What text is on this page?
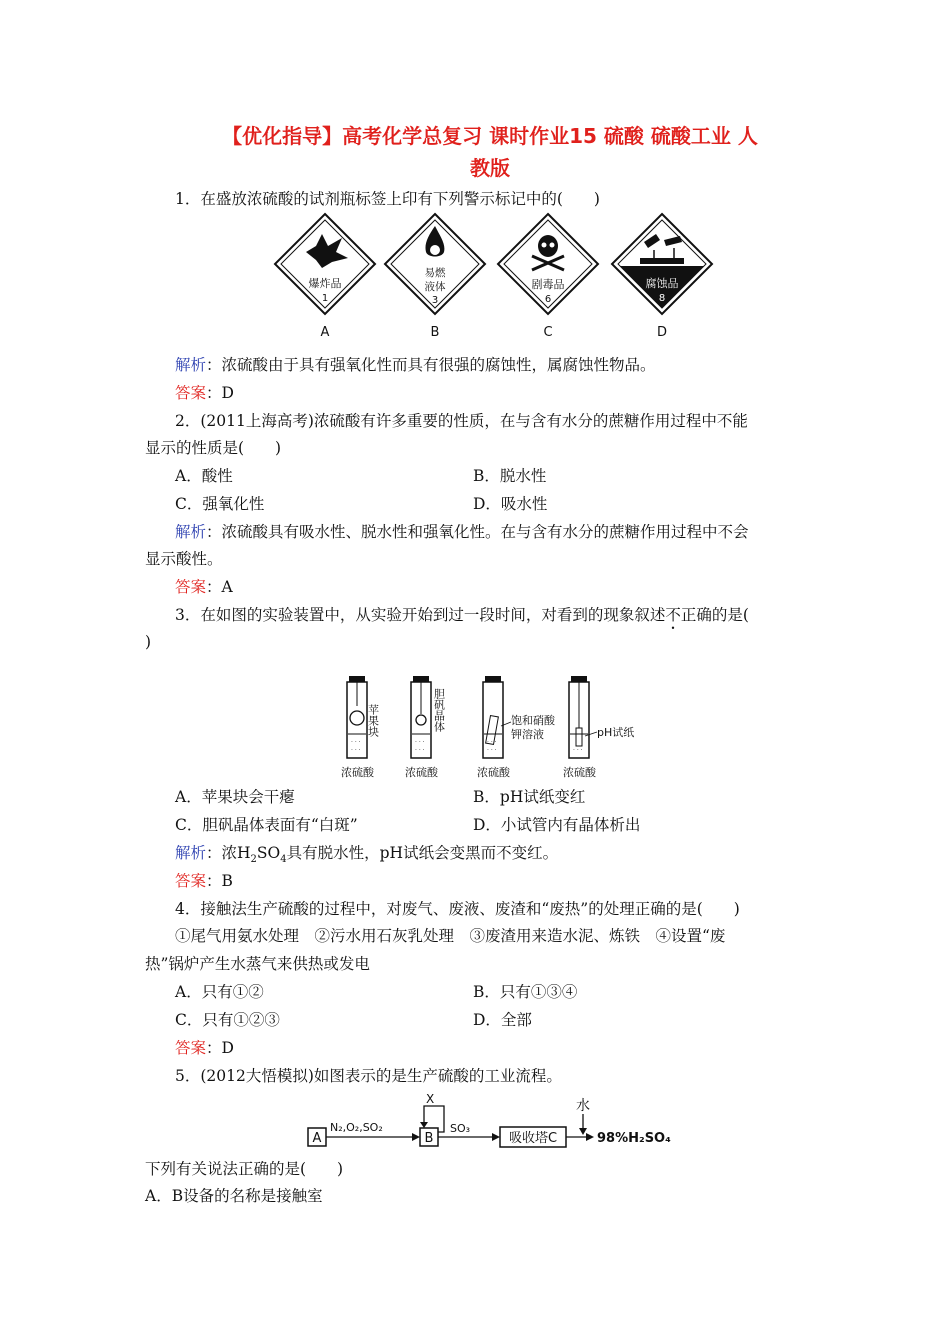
【优化指导】高考化学总复习 课时作业15 硫酸 硫酸工业 人
教版
1．在盛放浓硫酸的试剂瓶标签上印有下列警示标记中的(　　)
爆炸品
1
A
易燃
液体
3
B
剧毒品
6
C
腐蚀品
8
D
解析：浓硫酸由于具有强氧化性而具有很强的腐蚀性，属腐蚀性物品。
答案：D
2．(2011上海高考)浓硫酸有许多重要的性质，在与含有水分的蔗糖作用过程中不能
显示的性质是(　　)
A．酸性	B．脱水性
C．强氧化性	D．吸水性
解析：浓硫酸具有吸水性、脱水性和强氧化性。在与含有水分的蔗糖作用过程中不会
显示酸性。
答案：A
3．在如图的实验装置中，从实验开始到过一段时间，对看到的现象叙述不正确的是(
)
· · ·
· · ·
苹果块
浓硫酸
· · ·
· · ·
胆矾晶体
浓硫酸
· · ·
· · ·
饱和硝酸
钾溶液
浓硫酸
· · ·
pH试纸
浓硫酸
A．苹果块会干瘪	B．pH试纸变红
C．胆矾晶体表面有“白斑”	D．小试管内有晶体析出
解析：浓$H_2SO_4$具有脱水性，pH试纸会变黑而不变红。
答案：B
4．接触法生产硫酸的过程中，对废气、废液、废渣和“废热”的处理正确的是(　　)
①尾气用氨水处理　②污水用石灰乳处理　③废渣用来造水泥、炼铁　④设置“废
热”锅炉产生水蒸气来供热或发电
A．只有①②	B．只有①③④
C．只有①②③	D．全部
答案：D
5．(2012大悟模拟)如图表示的是生产硫酸的工业流程。
A
N₂,O₂,SO₂
B
X
SO₃
吸收塔C
水
98%H₂SO₄
下列有关说法正确的是(　　)
A．B设备的名称是接触室
